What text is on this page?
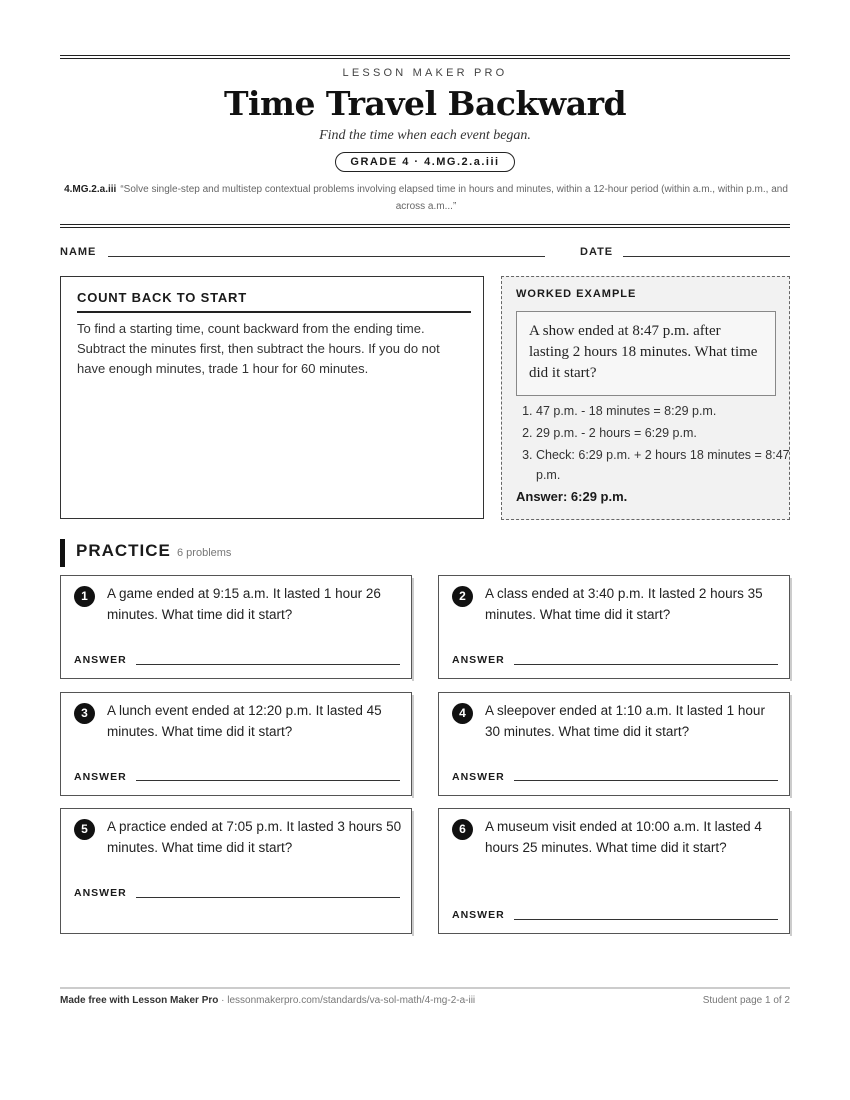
LESSON MAKER PRO
Time Travel Backward
Find the time when each event began.
GRADE 4 · 4.MG.2.a.iii
4.MG.2.a.iii “Solve single-step and multistep contextual problems involving elapsed time in hours and minutes, within a 12-hour period (within a.m., within p.m., and across a.m...”
NAME	DATE
COUNT BACK TO START

To find a starting time, count backward from the ending time. Subtract the minutes first, then subtract the hours. If you do not have enough minutes, trade 1 hour for 60 minutes.

WORKED EXAMPLE
A show ended at 8:47 p.m. after lasting 2 hours 18 minutes. What time did it start?
1. 47 p.m. - 18 minutes = 8:29 p.m.
2. 29 p.m. - 2 hours = 6:29 p.m.
3. Check: 6:29 p.m. + 2 hours 18 minutes = 8:47 p.m.
Answer: 6:29 p.m.
PRACTICE 6 problems
1	A game ended at 9:15 a.m. It lasted 1 hour 26 minutes. What time did it start?
ANSWER
2	A class ended at 3:40 p.m. It lasted 2 hours 35 minutes. What time did it start?
ANSWER
3	A lunch event ended at 12:20 p.m. It lasted 45 minutes. What time did it start?
ANSWER
4	A sleepover ended at 1:10 a.m. It lasted 1 hour 30 minutes. What time did it start?
ANSWER
5	A practice ended at 7:05 p.m. It lasted 3 hours 50 minutes. What time did it start?
ANSWER
6	A museum visit ended at 10:00 a.m. It lasted 4 hours 25 minutes. What time did it start?
ANSWER
Made free with Lesson Maker Pro · lessonmakerpro.com/standards/va-sol-math/4-mg-2-a-iii	Student page 1 of 2
